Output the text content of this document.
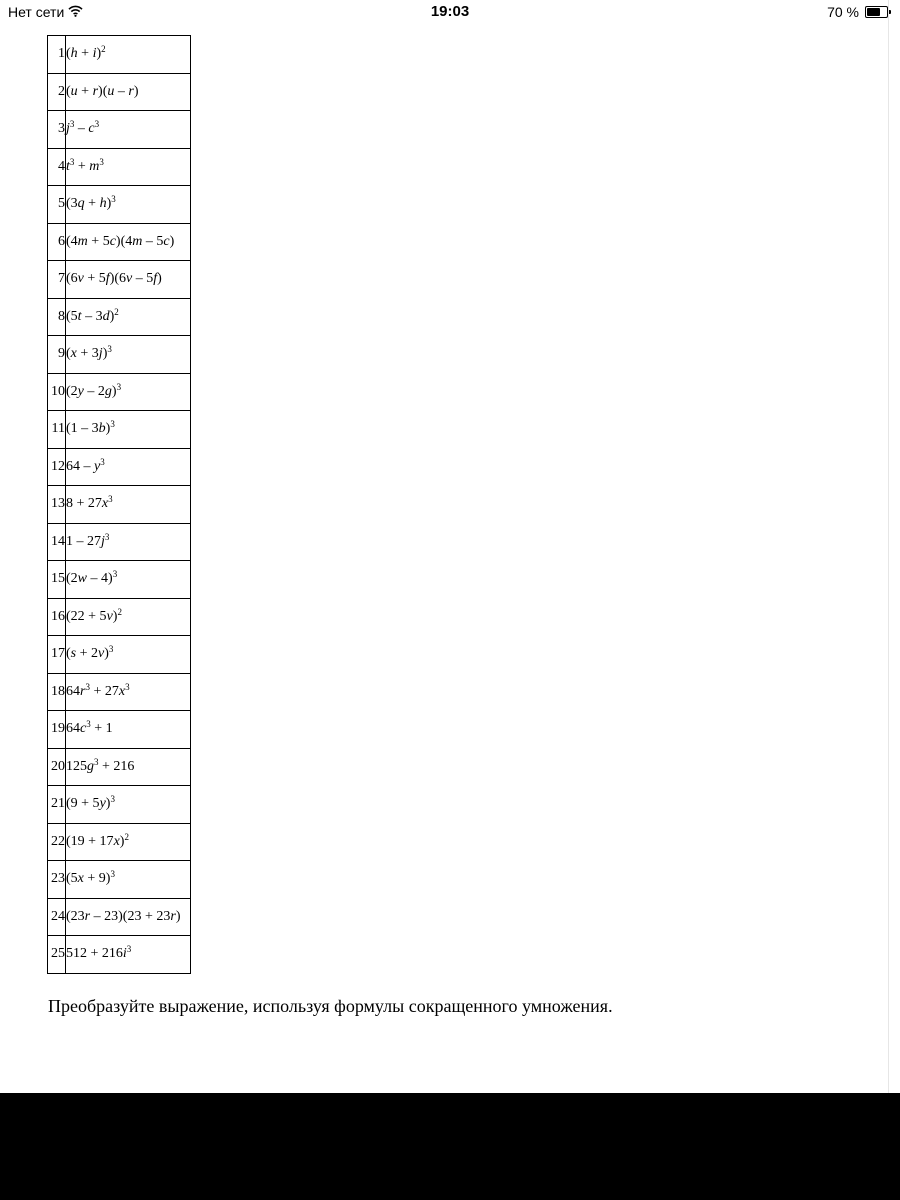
Нет сети	19:03	70 %
1	$(h + i)^2$
2	(u + r)(u – r)
3	$j^3 - c^3$
4	$t^3 + m^3$
5	$(3q + h)^3$
6	(4m + 5c)(4m – 5c)
7	(6v + 5f)(6v – 5f)
8	(5t – 3d)$^2$
9	$(x + 3j)^3$
10	(2y – 2g)$^3$
11	(1 – 3b)$^3$
12	$64 - y^3$
13	$8 + 27x^3$
14	$1 - 27j^3$
15	(2w – 4)$^3$
16	$(22 + 5v)^2$
17	$(s + 2v)^3$
18	$64r^3 + 27x^3$
19	$64c^3 + 1$
20	$125g^3 + 216$
21	$(9 + 5y)^3$
22	$(19 + 17x)^2$
23	$(5x + 9)^3$
24	(23r – 23)(23 + 23r)
25	$512 + 216i^3$
Преобразуйте выражение, используя формулы сокращенного умножения.
